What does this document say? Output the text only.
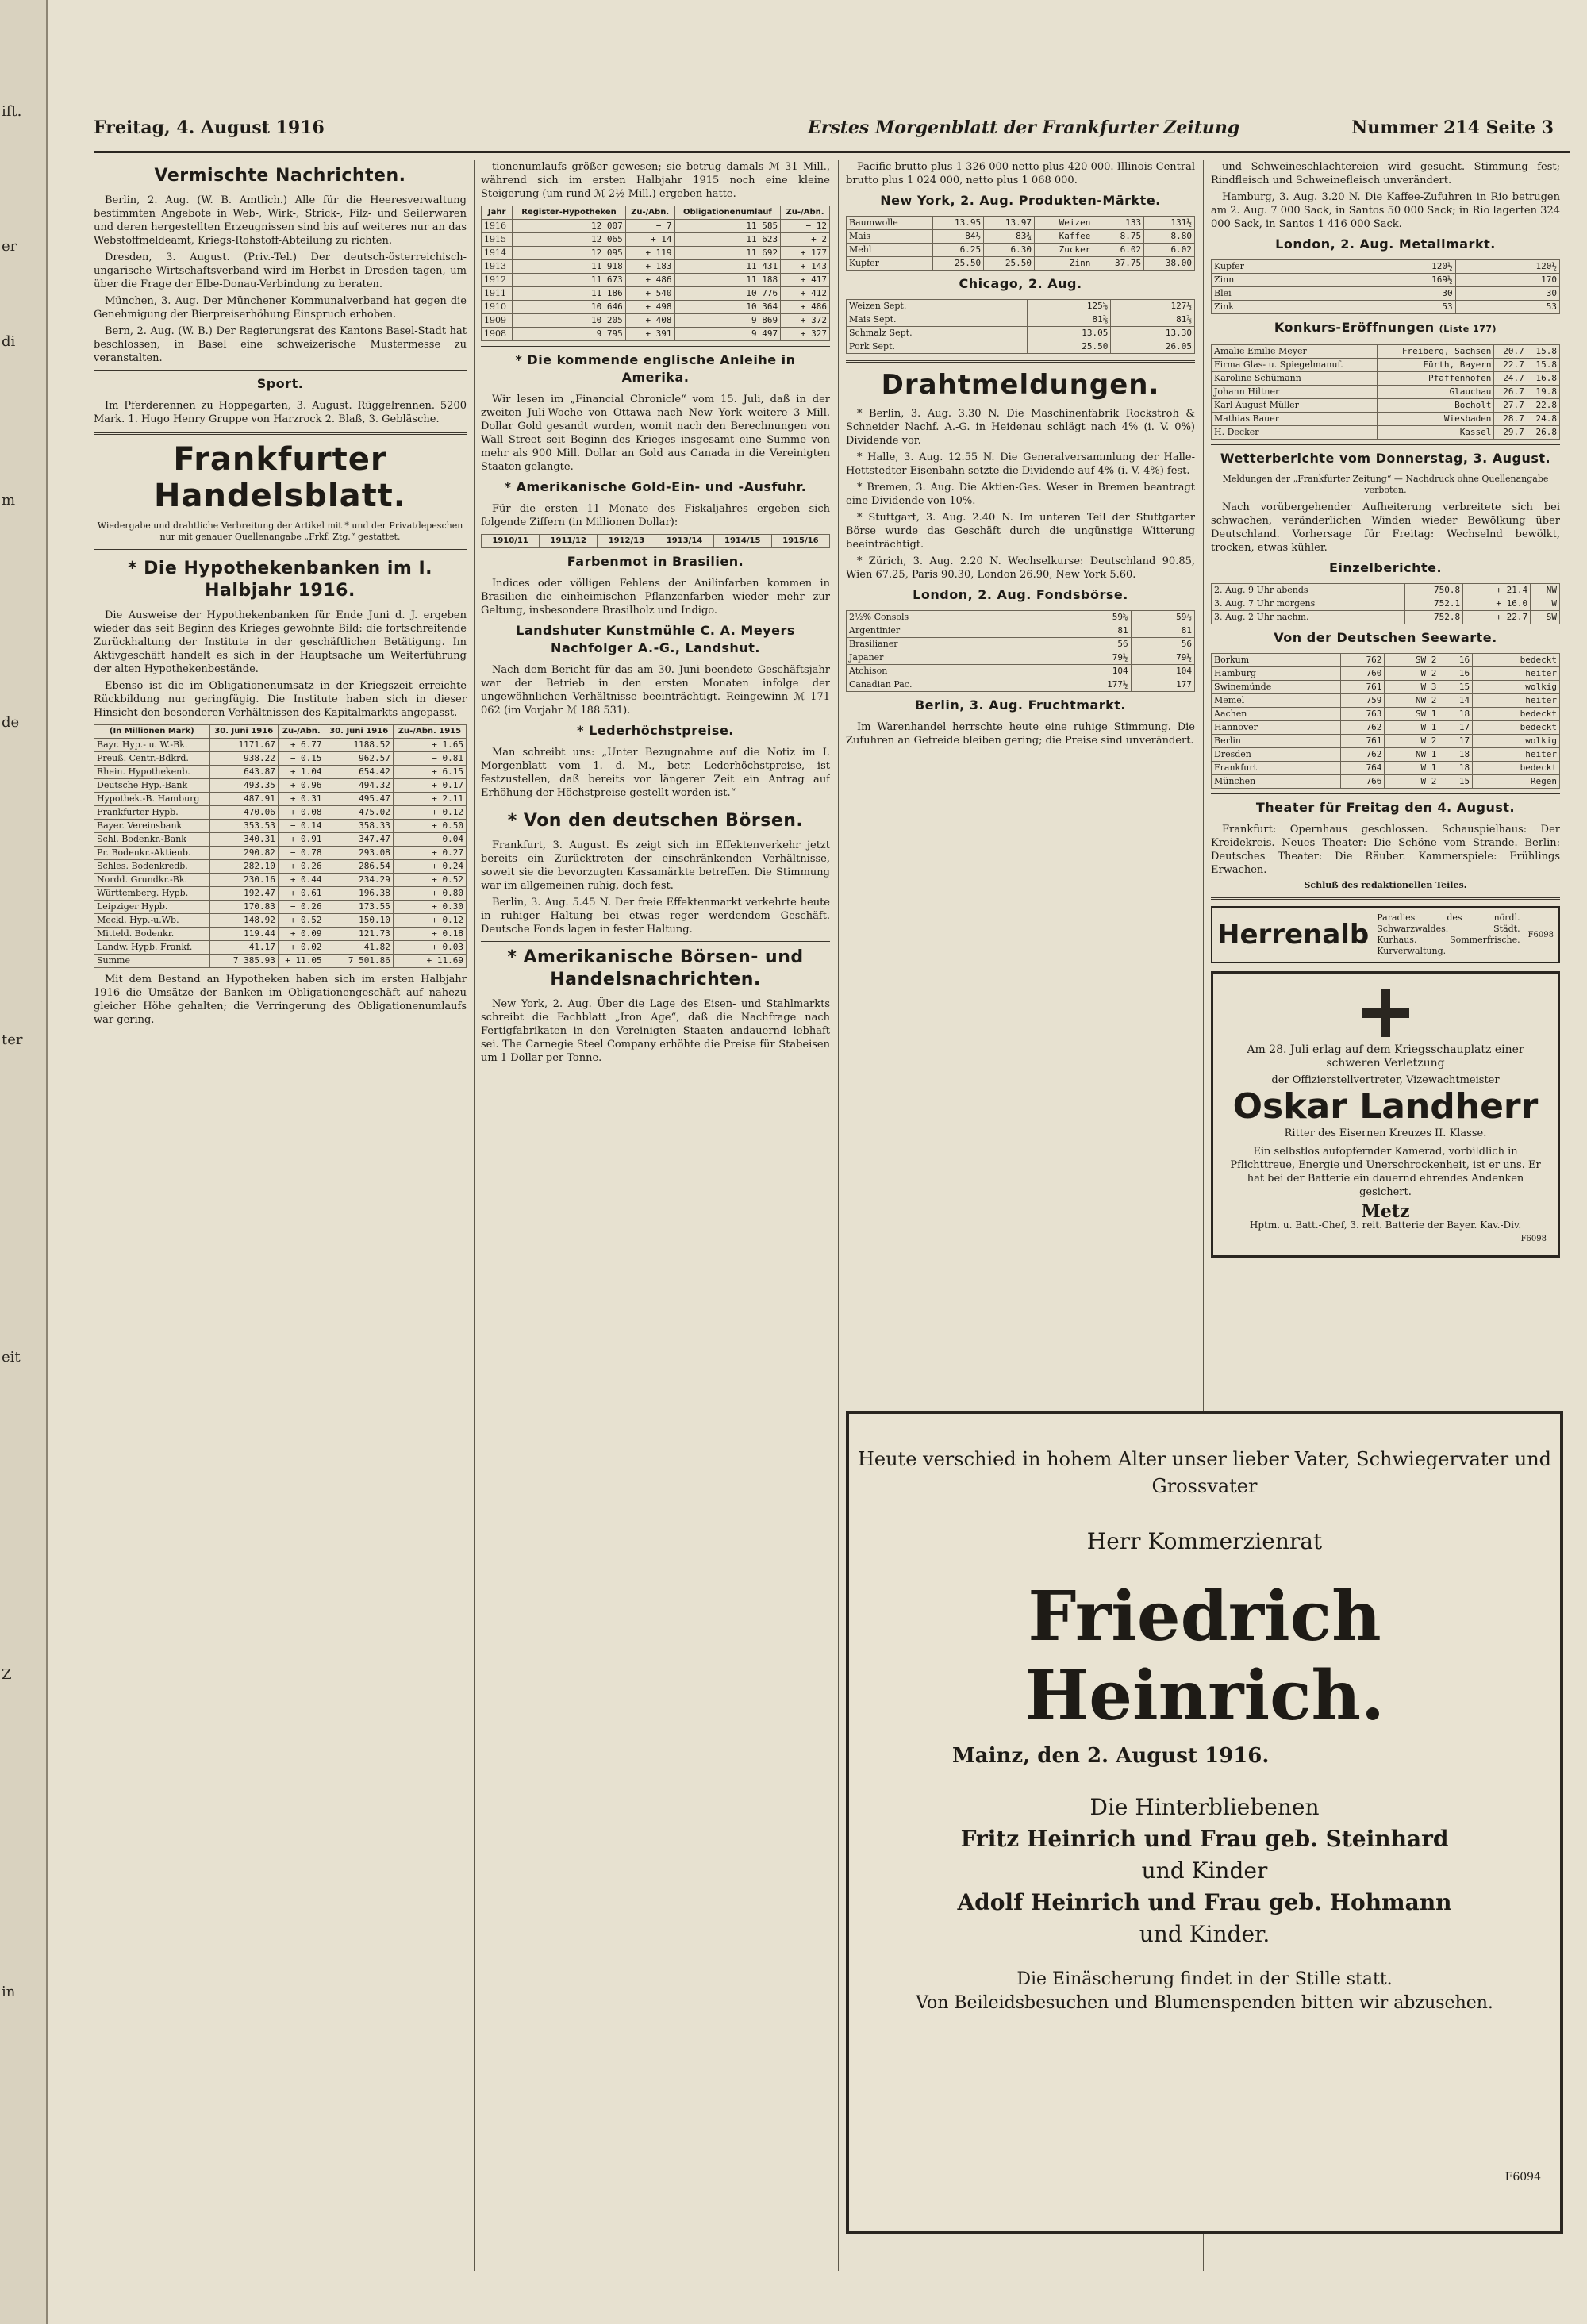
ift.
er
di
m
de
ter
eit
Z
in
Freitag, 4. August 1916	Erstes Morgenblatt der Frankfurter Zeitung	Nummer 214 Seite 3
Vermischte Nachrichten.

Berlin, 2. Aug. (W. B. Amtlich.) Alle für die Heeresverwaltung bestimmten Angebote in Web-, Wirk-, Strick-, Filz- und Seilerwaren und deren hergestellten Erzeugnissen sind bis auf weiteres nur an das Webstoffmeldeamt, Kriegs-Rohstoff-Abteilung zu richten.

Dresden, 3. August. (Priv.-Tel.) Der deutsch-österreichisch-ungarische Wirtschaftsverband wird im Herbst in Dresden tagen, um über die Frage der Elbe-Donau-Verbindung zu beraten.

München, 3. Aug. Der Münchener Kommunalverband hat gegen die Genehmigung der Bierpreiserhöhung Einspruch erhoben.

Bern, 2. Aug. (W. B.) Der Regierungsrat des Kantons Basel-Stadt hat beschlossen, in Basel eine schweizerische Mustermesse zu veranstalten.

Sport.

Im Pferderennen zu Hoppegarten, 3. August. Rüggelrennen. 5200 Mark. 1. Hugo Henry Gruppe von Harzrock 2. Blaß, 3. Gebläsche.

Frankfurter Handelsblatt.
Wiedergabe und drahtliche Verbreitung der Artikel mit * und der Privatdepeschen nur mit genauer Quellenangabe „Frkf. Ztg.“ gestattet.
* Die Hypothekenbanken im I. Halbjahr 1916.

Die Ausweise der Hypothekenbanken für Ende Juni d. J. ergeben wieder das seit Beginn des Krieges gewohnte Bild: die fortschreitende Zurückhaltung der Institute in der geschäftlichen Betätigung. Im Aktivgeschäft handelt es sich in der Hauptsache um Weiterführung der alten Hypothekenbestände.

Ebenso ist die im Obligationenumsatz in der Kriegszeit erreichte Rückbildung nur geringfügig. Die Institute haben sich in dieser Hinsicht den besonderen Verhältnissen des Kapitalmarkts angepasst.

(In Millionen Mark)	30. Juni 1916	Zu-/Abn.	30. Juni 1916	Zu-/Abn. 1915
Bayr. Hyp.- u. W.-Bk.	1171.67	+ 6.77	1188.52	+ 1.65
Preuß. Centr.-Bdkrd.	938.22	− 0.15	962.57	− 0.81
Rhein. Hypothekenb.	643.87	+ 1.04	654.42	+ 6.15
Deutsche Hyp.-Bank	493.35	+ 0.96	494.32	+ 0.17
Hypothek.-B. Hamburg	487.91	+ 0.31	495.47	+ 2.11
Frankfurter Hypb.	470.06	+ 0.08	475.02	+ 0.12
Bayer. Vereinsbank	353.53	− 0.14	358.33	+ 0.50
Schl. Bodenkr.-Bank	340.31	+ 0.91	347.47	− 0.04
Pr. Bodenkr.-Aktienb.	290.82	− 0.78	293.08	+ 0.27
Schles. Bodenkredb.	282.10	+ 0.26	286.54	+ 0.24
Nordd. Grundkr.-Bk.	230.16	+ 0.44	234.29	+ 0.52
Württemberg. Hypb.	192.47	+ 0.61	196.38	+ 0.80
Leipziger Hypb.	170.83	− 0.26	173.55	+ 0.30
Meckl. Hyp.-u.Wb.	148.92	+ 0.52	150.10	+ 0.12
Mitteld. Bodenkr.	119.44	+ 0.09	121.73	+ 0.18
Landw. Hypb. Frankf.	41.17	+ 0.02	41.82	+ 0.03
Summe	7 385.93	+ 11.05	7 501.86	+ 11.69

Mit dem Bestand an Hypotheken haben sich im ersten Halbjahr 1916 die Umsätze der Banken im Obligationengeschäft auf nahezu gleicher Höhe gehalten; die Verringerung des Obligationenumlaufs war gering.

tionenumlaufs größer gewesen; sie betrug damals ℳ 31 Mill., während sich im ersten Halbjahr 1915 noch eine kleine Steigerung (um rund ℳ 2½ Mill.) ergeben hatte.

Jahr	Register-Hypotheken	Zu-/Abn.	Obligationenumlauf	Zu-/Abn.
1916	12 007	− 7	11 585	− 12
1915	12 065	+ 14	11 623	+ 2
1914	12 095	+ 119	11 692	+ 177
1913	11 918	+ 183	11 431	+ 143
1912	11 673	+ 486	11 188	+ 417
1911	11 186	+ 540	10 776	+ 412
1910	10 646	+ 498	10 364	+ 486
1909	10 205	+ 408	9 869	+ 372
1908	9 795	+ 391	9 497	+ 327
* Die kommende englische Anleihe in Amerika.

Wir lesen im „Financial Chronicle“ vom 15. Juli, daß in der zweiten Juli-Woche von Ottawa nach New York weitere 3 Mill. Dollar Gold gesandt wurden, womit nach den Berechnungen von Wall Street seit Beginn des Krieges insgesamt eine Summe von mehr als 900 Mill. Dollar an Gold aus Canada in die Vereinigten Staaten gelangte.

* Amerikanische Gold-Ein- und -Ausfuhr.

Für die ersten 11 Monate des Fiskaljahres ergeben sich folgende Ziffern (in Millionen Dollar):

1910/11	1911/12	1912/13	1913/14	1914/15	1915/16
Farbenmot in Brasilien.

Indices oder völligen Fehlens der Anilinfarben kommen in Brasilien die einheimischen Pflanzenfarben wieder mehr zur Geltung, insbesondere Brasilholz und Indigo.

Landshuter Kunstmühle C. A. Meyers Nachfolger A.-G., Landshut.

Nach dem Bericht für das am 30. Juni beendete Geschäftsjahr war der Betrieb in den ersten Monaten infolge der ungewöhnlichen Verhältnisse beeinträchtigt. Reingewinn ℳ 171 062 (im Vorjahr ℳ 188 531).

* Lederhöchstpreise.

Man schreibt uns: „Unter Bezugnahme auf die Notiz im I. Morgenblatt vom 1. d. M., betr. Lederhöchstpreise, ist festzustellen, daß bereits vor längerer Zeit ein Antrag auf Erhöhung der Höchstpreise gestellt worden ist.“

* Von den deutschen Börsen.

Frankfurt, 3. August. Es zeigt sich im Effektenverkehr jetzt bereits ein Zurücktreten der einschränkenden Verhältnisse, soweit sie die bevorzugten Kassamärkte betreffen. Die Stimmung war im allgemeinen ruhig, doch fest.

Berlin, 3. Aug. 5.45 N. Der freie Effektenmarkt verkehrte heute in ruhiger Haltung bei etwas reger werdendem Geschäft. Deutsche Fonds lagen in fester Haltung.

* Amerikanische Börsen- und Handelsnachrichten.

New York, 2. Aug. Über die Lage des Eisen- und Stahlmarkts schreibt die Fachblatt „Iron Age“, daß die Nachfrage nach Fertigfabrikaten in den Vereinigten Staaten andauernd lebhaft sei. The Carnegie Steel Company erhöhte die Preise für Stabeisen um 1 Dollar per Tonne.

Pacific brutto plus 1 326 000 netto plus 420 000. Illinois Central brutto plus 1 024 000, netto plus 1 068 000.

New York, 2. Aug. Produkten-Märkte.
Baumwolle	13.95	13.97	Weizen	133	131½
Mais	84½	83¾	Kaffee	8.75	8.80
Mehl	6.25	6.30	Zucker	6.02	6.02
Kupfer	25.50	25.50	Zinn	37.75	38.00
Chicago, 2. Aug.
Weizen Sept.	125⅝	127½
Mais Sept.	81⅜	81⅞
Schmalz Sept.	13.05	13.30
Pork Sept.	25.50	26.05
Drahtmeldungen.

* Berlin, 3. Aug. 3.30 N. Die Maschinenfabrik Rockstroh & Schneider Nachf. A.-G. in Heidenau schlägt nach 4% (i. V. 0%) Dividende vor.

* Halle, 3. Aug. 12.55 N. Die Generalversammlung der Halle-Hettstedter Eisenbahn setzte die Dividende auf 4% (i. V. 4%) fest.

* Bremen, 3. Aug. Die Aktien-Ges. Weser in Bremen beantragt eine Dividende von 10%.

* Stuttgart, 3. Aug. 2.40 N. Im unteren Teil der Stuttgarter Börse wurde das Geschäft durch die ungünstige Witterung beeinträchtigt.

* Zürich, 3. Aug. 2.20 N. Wechselkurse: Deutschland 90.85, Wien 67.25, Paris 90.30, London 26.90, New York 5.60.

London, 2. Aug. Fondsbörse.
2½% Consols	59⅝	59⅞
Argentinier	81	81
Brasilianer	56	56
Japaner	79½	79½
Atchison	104	104
Canadian Pac.	177½	177
Berlin, 3. Aug. Fruchtmarkt.

Im Warenhandel herrschte heute eine ruhige Stimmung. Die Zufuhren an Getreide bleiben gering; die Preise sind unverändert.

und Schweineschlachtereien wird gesucht. Stimmung fest; Rindfleisch und Schweinefleisch unverändert.

Hamburg, 3. Aug. 3.20 N. Die Kaffee-Zufuhren in Rio betrugen am 2. Aug. 7 000 Sack, in Santos 50 000 Sack; in Rio lagerten 324 000 Sack, in Santos 1 416 000 Sack.

London, 2. Aug. Metallmarkt.
Kupfer	120½	120½
Zinn	169½	170
Blei	30	30
Zink	53	53
Konkurs-Eröffnungen (Liste 177)
Amalie Emilie Meyer	Freiberg, Sachsen	20.7	15.8
Firma Glas- u. Spiegelmanuf.	Fürth, Bayern	22.7	15.8
Karoline Schümann	Pfaffenhofen	24.7	16.8
Johann Hiltner	Glauchau	26.7	19.8
Karl August Müller	Bocholt	27.7	22.8
Mathias Bauer	Wiesbaden	28.7	24.8
H. Decker	Kassel	29.7	26.8
Wetterberichte vom Donnerstag, 3. August.
Meldungen der „Frankfurter Zeitung“ — Nachdruck ohne Quellenangabe verboten.

Nach vorübergehender Aufheiterung verbreitete sich bei schwachen, veränderlichen Winden wieder Bewölkung über Deutschland. Vorhersage für Freitag: Wechselnd bewölkt, trocken, etwas kühler.

Einzelberichte.
2. Aug. 9 Uhr abends	750.8	+ 21.4	NW
3. Aug. 7 Uhr morgens	752.1	+ 16.0	W
3. Aug. 2 Uhr nachm.	752.8	+ 22.7	SW
Von der Deutschen Seewarte.
Borkum	762	SW 2	16	bedeckt
Hamburg	760	W 2	16	heiter
Swinemünde	761	W 3	15	wolkig
Memel	759	NW 2	14	heiter
Aachen	763	SW 1	18	bedeckt
Hannover	762	W 1	17	bedeckt
Berlin	761	W 2	17	wolkig
Dresden	762	NW 1	18	heiter
Frankfurt	764	W 1	18	bedeckt
München	766	W 2	15	Regen
Theater für Freitag den 4. August.

Frankfurt: Opernhaus geschlossen. Schauspielhaus: Der Kreidekreis. Neues Theater: Die Schöne vom Strande. Berlin: Deutsches Theater: Die Räuber. Kammerspiele: Frühlings Erwachen.

Schluß des redaktionellen Teiles.
Herrenalb
Paradies des nördl. Schwarzwaldes. Städt. Kurhaus. Sommerfrische. Kurverwaltung.
F6098
Am 28. Juli erlag auf dem Kriegsschauplatz einer schweren Verletzung
der Offizierstellvertreter, Vizewachtmeister
Oskar Landherr
Ritter des Eisernen Kreuzes II. Klasse.
Ein selbstlos aufopfernder Kamerad, vorbildlich in Pflichttreue, Energie und Unerschrockenheit, ist er uns. Er hat bei der Batterie ein dauernd ehrendes Andenken gesichert.
Metz
Hptm. u. Batt.-Chef, 3. reit. Batterie der Bayer. Kav.-Div.
F6098
Heute verschied in hohem Alter unser lieber Vater, Schwiegervater und
Grossvater
Herr Kommerzienrat
Friedrich Heinrich.
Mainz, den 2. August 1916.
Die Hinterbliebenen
Fritz Heinrich und Frau geb. Steinhard
und Kinder
Adolf Heinrich und Frau geb. Hohmann
und Kinder.
Die Einäscherung findet in der Stille statt.
Von Beileidsbesuchen und Blumenspenden bitten wir abzusehen.
F6094
